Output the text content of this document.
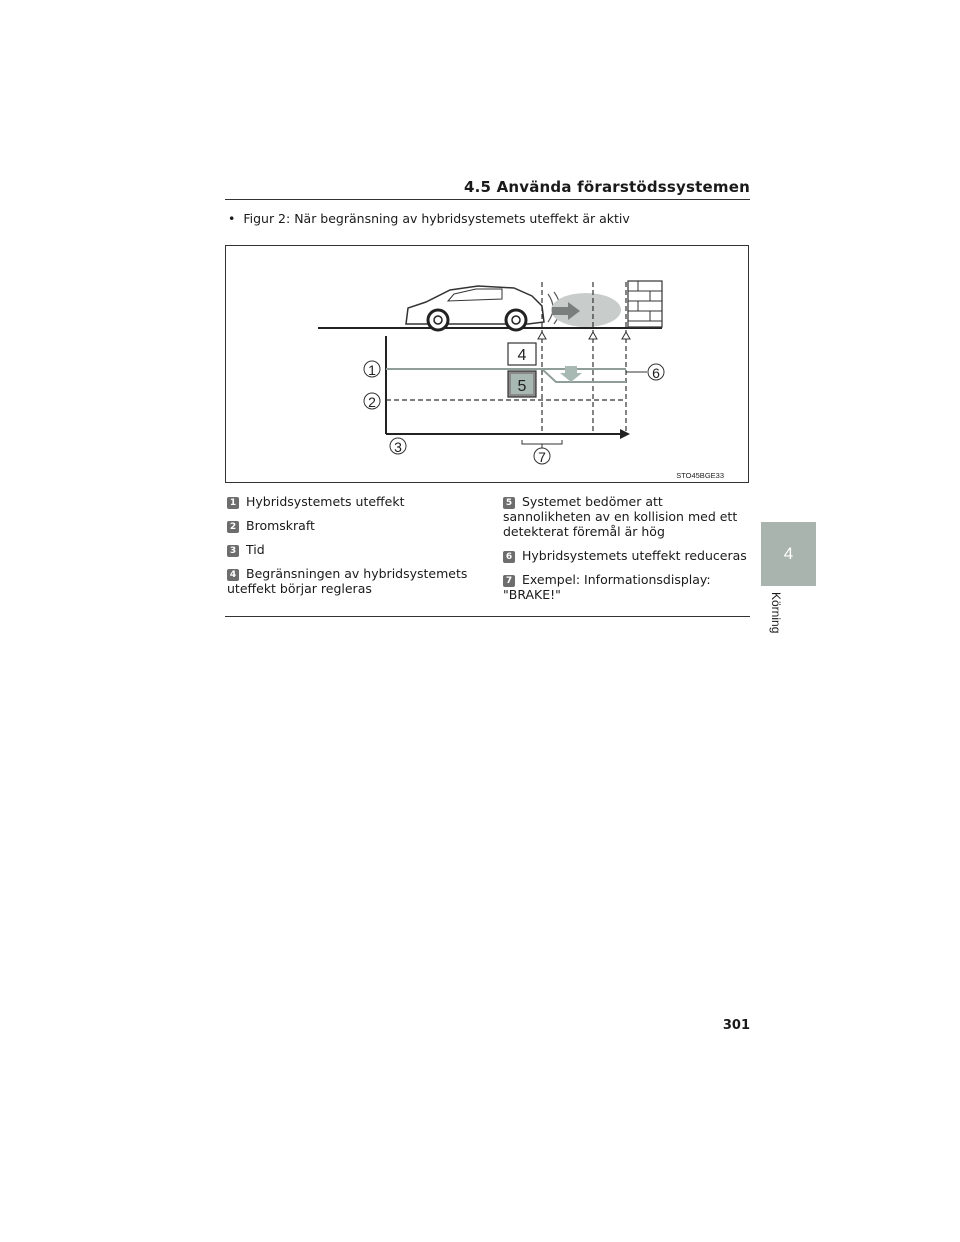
4.5 Använda förarstödssystemen
•  Figur 2: När begränsning av hybridsystemets uteffekt är aktiv
4
5
1
2
3
6
7
STO45BGE33
1 Hybridsystemets uteffekt
2 Bromskraft
3 Tid
4 Begränsningen av hybridsystemets uteffekt börjar regleras
5 Systemet bedömer att sannolikheten av en kollision med ett detekterat föremål är hög
6 Hybridsystemets uteffekt reduceras
7 Exempel: Informationsdisplay: "BRAKE!"
4
Körning
301
